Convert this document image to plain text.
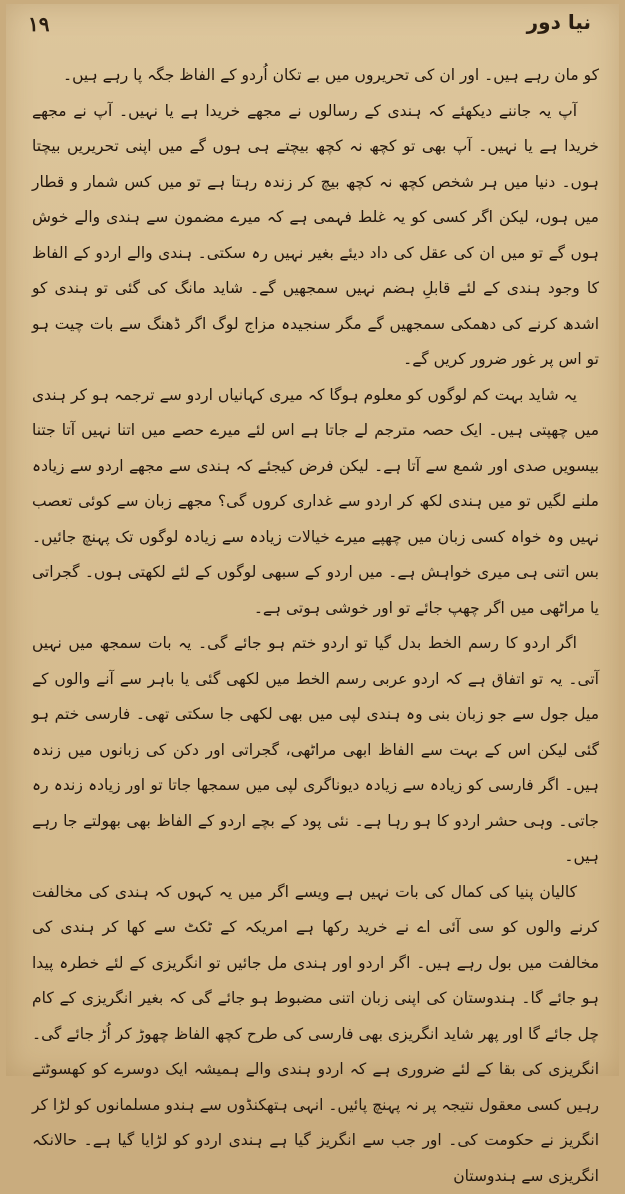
١٩	نیا دور

کو مان رہے ہیں۔ اور ان کی تحریروں میں بے تکان اُردو کے الفاظ جگہ پا رہے ہیں۔

آپ یہ جاننے دیکھئے کہ ہندی کے رسالوں نے مجھے خریدا ہے یا نہیں۔ آپ نے مجھے خریدا ہے یا نہیں۔ آپ بھی تو کچھ نہ کچھ بیچتے ہی ہوں گے میں اپنی تحریریں بیچتا ہوں۔ دنیا میں ہر شخص کچھ نہ کچھ بیچ کر زندہ رہتا ہے تو میں کس شمار و قطار میں ہوں، لیکن اگر کسی کو یہ غلط فہمی ہے کہ میرے مضمون سے ہندی والے خوش ہوں گے تو میں ان کی عقل کی داد دیئے بغیر نہیں رہ سکتی۔ ہندی والے اردو کے الفاظ کا وجود ہندی کے لئے قابلِ ہضم نہیں سمجھیں گے۔ شاید مانگ کی گئی تو ہندی کو اشدھ کرنے کی دھمکی سمجھیں گے مگر سنجیدہ مزاج لوگ اگر ڈھنگ سے بات چیت ہو تو اس پر غور ضرور کریں گے۔

یہ شاید بہت کم لوگوں کو معلوم ہوگا کہ میری کہانیاں اردو سے ترجمہ ہو کر ہندی میں چھپتی ہیں۔ ایک حصہ مترجم لے جاتا ہے اس لئے میرے حصے میں اتنا نہیں آتا جتنا بیسویں صدی اور شمع سے آتا ہے۔ لیکن فرض کیجئے کہ ہندی سے مجھے اردو سے زیادہ ملنے لگیں تو میں ہندی لکھ کر اردو سے غداری کروں گی؟ مجھے زبان سے کوئی تعصب نہیں وہ خواہ کسی زبان میں چھپے میرے خیالات زیادہ سے زیادہ لوگوں تک پہنچ جائیں۔ بس اتنی ہی میری خواہش ہے۔ میں اردو کے سبھی لوگوں کے لئے لکھتی ہوں۔ گجراتی یا مراٹھی میں اگر چھپ جائے تو اور خوشی ہوتی ہے۔

اگر اردو کا رسم الخط بدل گیا تو اردو ختم ہو جائے گی۔ یہ بات سمجھ میں نہیں آتی۔ یہ تو اتفاق ہے کہ اردو عربی رسم الخط میں لکھی گئی یا باہر سے آنے والوں کے میل جول سے جو زبان بنی وہ ہندی لپی میں بھی لکھی جا سکتی تھی۔ فارسی ختم ہو گئی لیکن اس کے بہت سے الفاظ ابھی مراٹھی، گجراتی اور دکن کی زبانوں میں زندہ ہیں۔ اگر فارسی کو زیادہ سے زیادہ دیوناگری لپی میں سمجھا جاتا تو اور زیادہ زندہ رہ جاتی۔ وہی حشر اردو کا ہو رہا ہے۔ نئی پود کے بچے اردو کے الفاظ بھی بھولتے جا رہے ہیں۔

کالیان پنیا کی کمال کی بات نہیں ہے ویسے اگر میں یہ کہوں کہ ہندی کی مخالفت کرنے والوں کو سی آئی اے نے خرید رکھا ہے امریکہ کے ٹکٹ سے کھا کر ہندی کی مخالفت میں بول رہے ہیں۔ اگر اردو اور ہندی مل جائیں تو انگریزی کے لئے خطرہ پیدا ہو جائے گا۔ ہندوستان کی اپنی زبان اتنی مضبوط ہو جائے گی کہ بغیر انگریزی کے کام چل جائے گا اور پھر شاید انگریزی بھی فارسی کی طرح کچھ الفاظ چھوڑ کر اُڑ جائے گی۔ انگریزی کی بقا کے لئے ضروری ہے کہ اردو ہندی والے ہمیشہ ایک دوسرے کو کھسوٹتے رہیں کسی معقول نتیجہ پر نہ پہنچ پائیں۔ انہی ہتھکنڈوں سے ہندو مسلمانوں کو لڑا کر انگریز نے حکومت کی۔ اور جب سے انگریز گیا ہے ہندی اردو کو لڑایا گیا ہے۔ حالانکہ انگریزی سے ہندوستان
